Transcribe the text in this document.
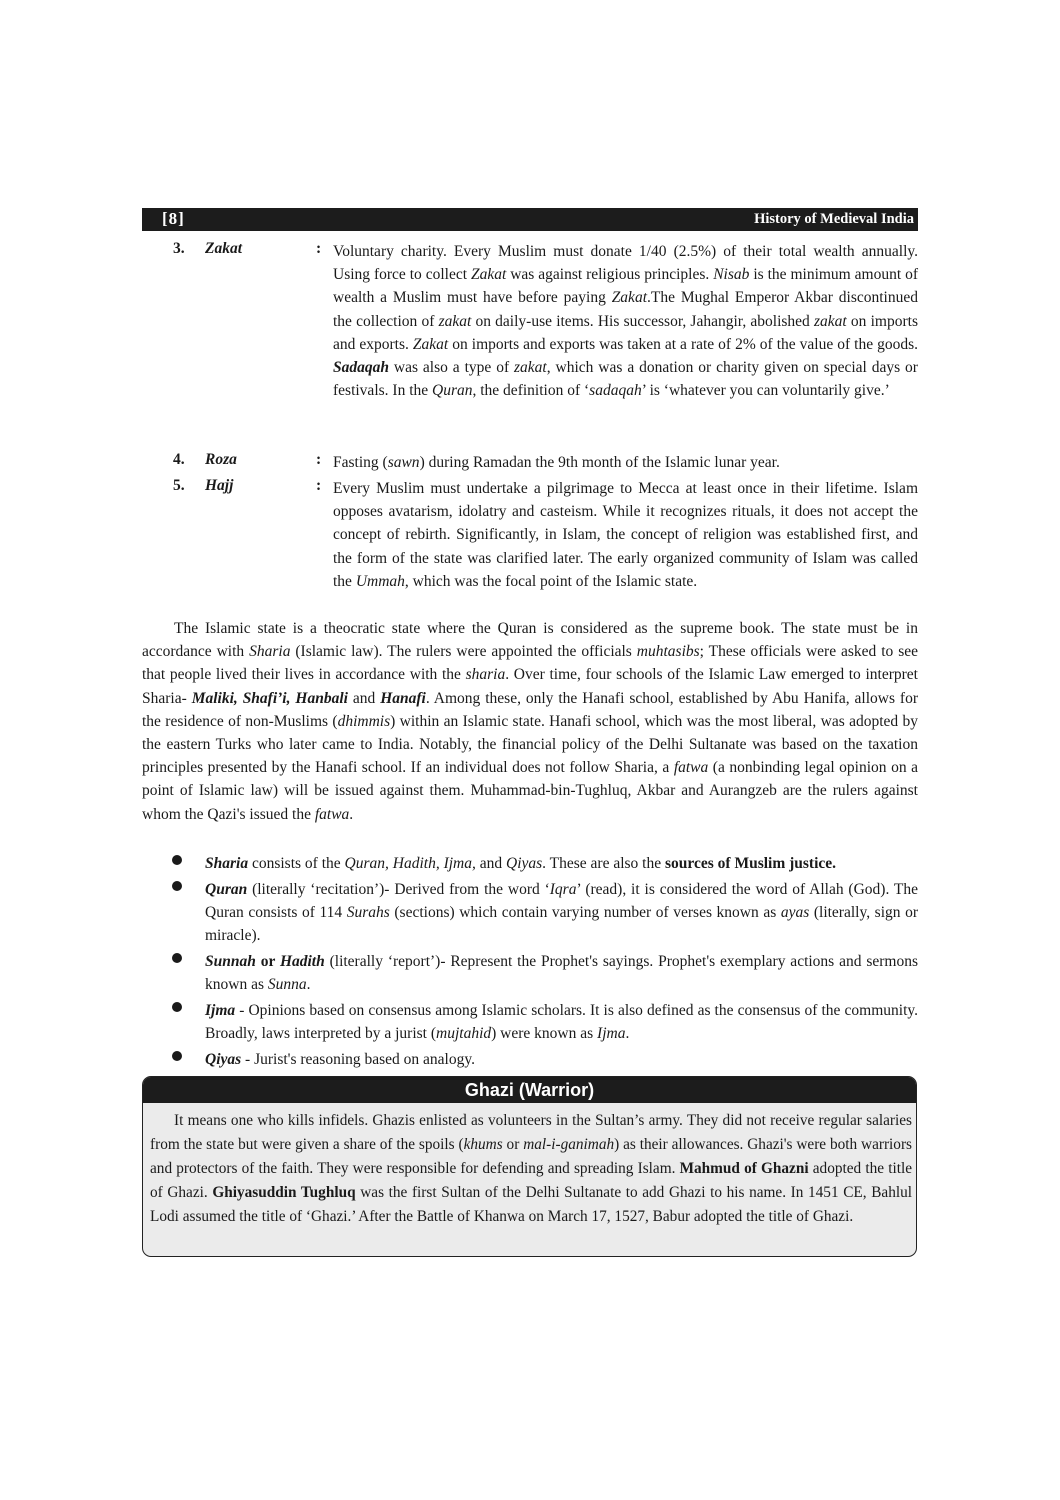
[8]	History of Medieval India
3. Zakat	: Voluntary charity. Every Muslim must donate 1/40 (2.5%) of their total wealth annually. Using force to collect Zakat was against religious principles. Nisab is the minimum amount of wealth a Muslim must have before paying Zakat.The Mughal Emperor Akbar discontinued the collection of zakat on daily-use items. His successor, Jahangir, abolished zakat on imports and exports. Zakat on imports and exports was taken at a rate of 2% of the value of the goods. Sadaqah was also a type of zakat, which was a donation or charity given on special days or festivals. In the Quran, the definition of ‘sadaqah’ is ‘whatever you can voluntarily give.’
4. Roza	: Fasting (sawn) during Ramadan the 9th month of the Islamic lunar year.
5. Hajj	: Every Muslim must undertake a pilgrimage to Mecca at least once in their lifetime. Islam opposes avatarism, idolatry and casteism. While it recognizes rituals, it does not accept the concept of rebirth. Significantly, in Islam, the concept of religion was established first, and the form of the state was clarified later. The early organized community of Islam was called the Ummah, which was the focal point of the Islamic state.
The Islamic state is a theocratic state where the Quran is considered as the supreme book. The state must be in accordance with Sharia (Islamic law). The rulers were appointed the officials muhtasibs; These officials were asked to see that people lived their lives in accordance with the sharia. Over time, four schools of the Islamic Law emerged to interpret Sharia- Maliki, Shafi’i, Hanbali and Hanafi. Among these, only the Hanafi school, established by Abu Hanifa, allows for the residence of non-Muslims (dhimmis) within an Islamic state. Hanafi school, which was the most liberal, was adopted by the eastern Turks who later came to India. Notably, the financial policy of the Delhi Sultanate was based on the taxation principles presented by the Hanafi school. If an individual does not follow Sharia, a fatwa (a nonbinding legal opinion on a point of Islamic law) will be issued against them. Muhammad-bin-Tughluq, Akbar and Aurangzeb are the rulers against whom the Qazi's issued the fatwa.
Sharia consists of the Quran, Hadith, Ijma, and Qiyas. These are also the sources of Muslim justice.
Quran (literally ‘recitation’)- Derived from the word ‘Iqra’ (read), it is considered the word of Allah (God). The Quran consists of 114 Surahs (sections) which contain varying number of verses known as ayas (literally, sign or miracle).
Sunnah or Hadith (literally ‘report’)- Represent the Prophet's sayings. Prophet's exemplary actions and sermons known as Sunna.
Ijma - Opinions based on consensus among Islamic scholars. It is also defined as the consensus of the community. Broadly, laws interpreted by a jurist (mujtahid) were known as Ijma.
Qiyas - Jurist's reasoning based on analogy.
Ghazi (Warrior)
It means one who kills infidels. Ghazis enlisted as volunteers in the Sultan’s army. They did not receive regular salaries from the state but were given a share of the spoils (khums or mal-i-ganimah) as their allowances. Ghazi's were both warriors and protectors of the faith. They were responsible for defending and spreading Islam. Mahmud of Ghazni adopted the title of Ghazi. Ghiyasuddin Tughluq was the first Sultan of the Delhi Sultanate to add Ghazi to his name. In 1451 CE, Bahlul Lodi assumed the title of ‘Ghazi.’ After the Battle of Khanwa on March 17, 1527, Babur adopted the title of Ghazi.
